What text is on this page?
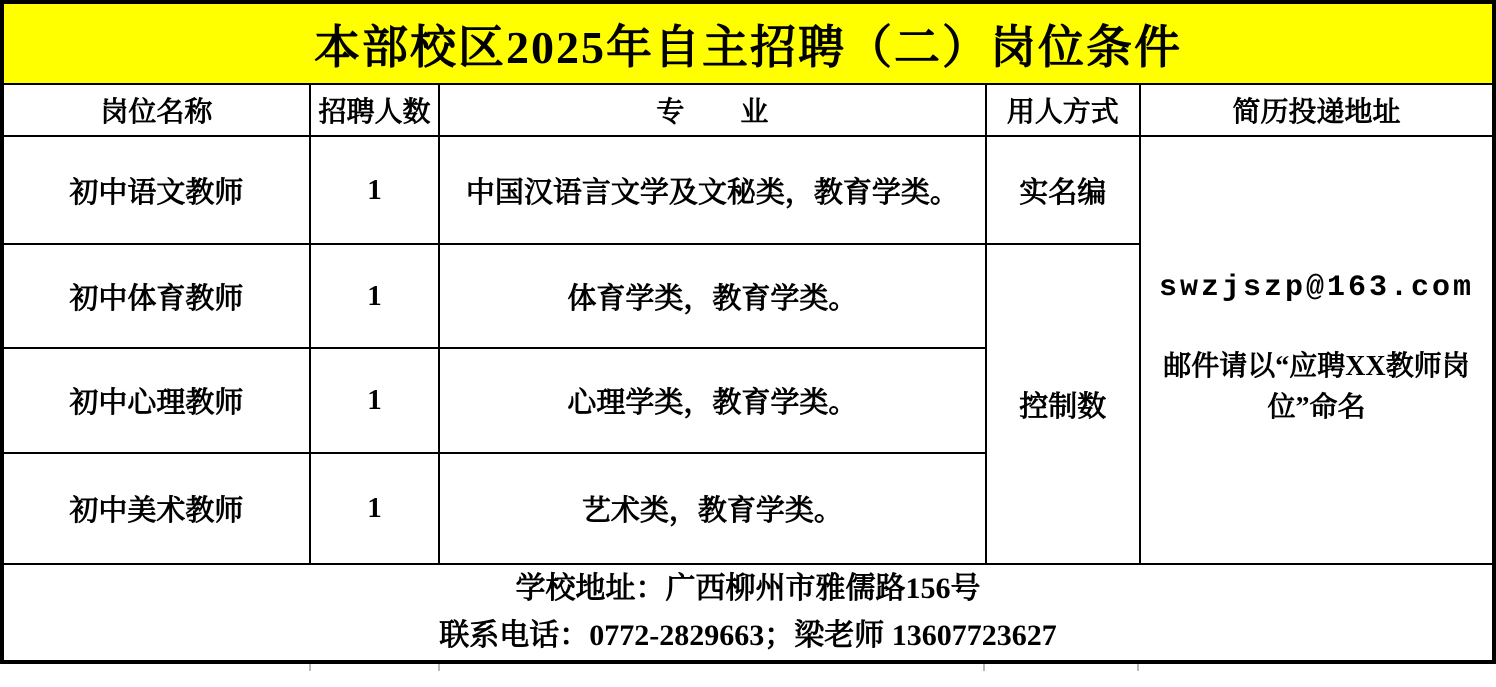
本部校区2025年自主招聘（二）岗位条件				
岗位名称	招聘人数	专　　业	用人方式	简历投递地址
初中语文教师	1	中国汉语言文学及文秘类，教育学类。	实名编	swzjszp@163.com
邮件请以“应聘XX教师岗位”命名

初中体育教师	1	体育学类，教育学类。	控制数	
初中心理教师	1	心理学类，教育学类。		
初中美术教师	1	艺术类，教育学类。		

学校地址：广西柳州市雅儒路156号
联系电话：0772-2829663；梁老师 13607723627				
